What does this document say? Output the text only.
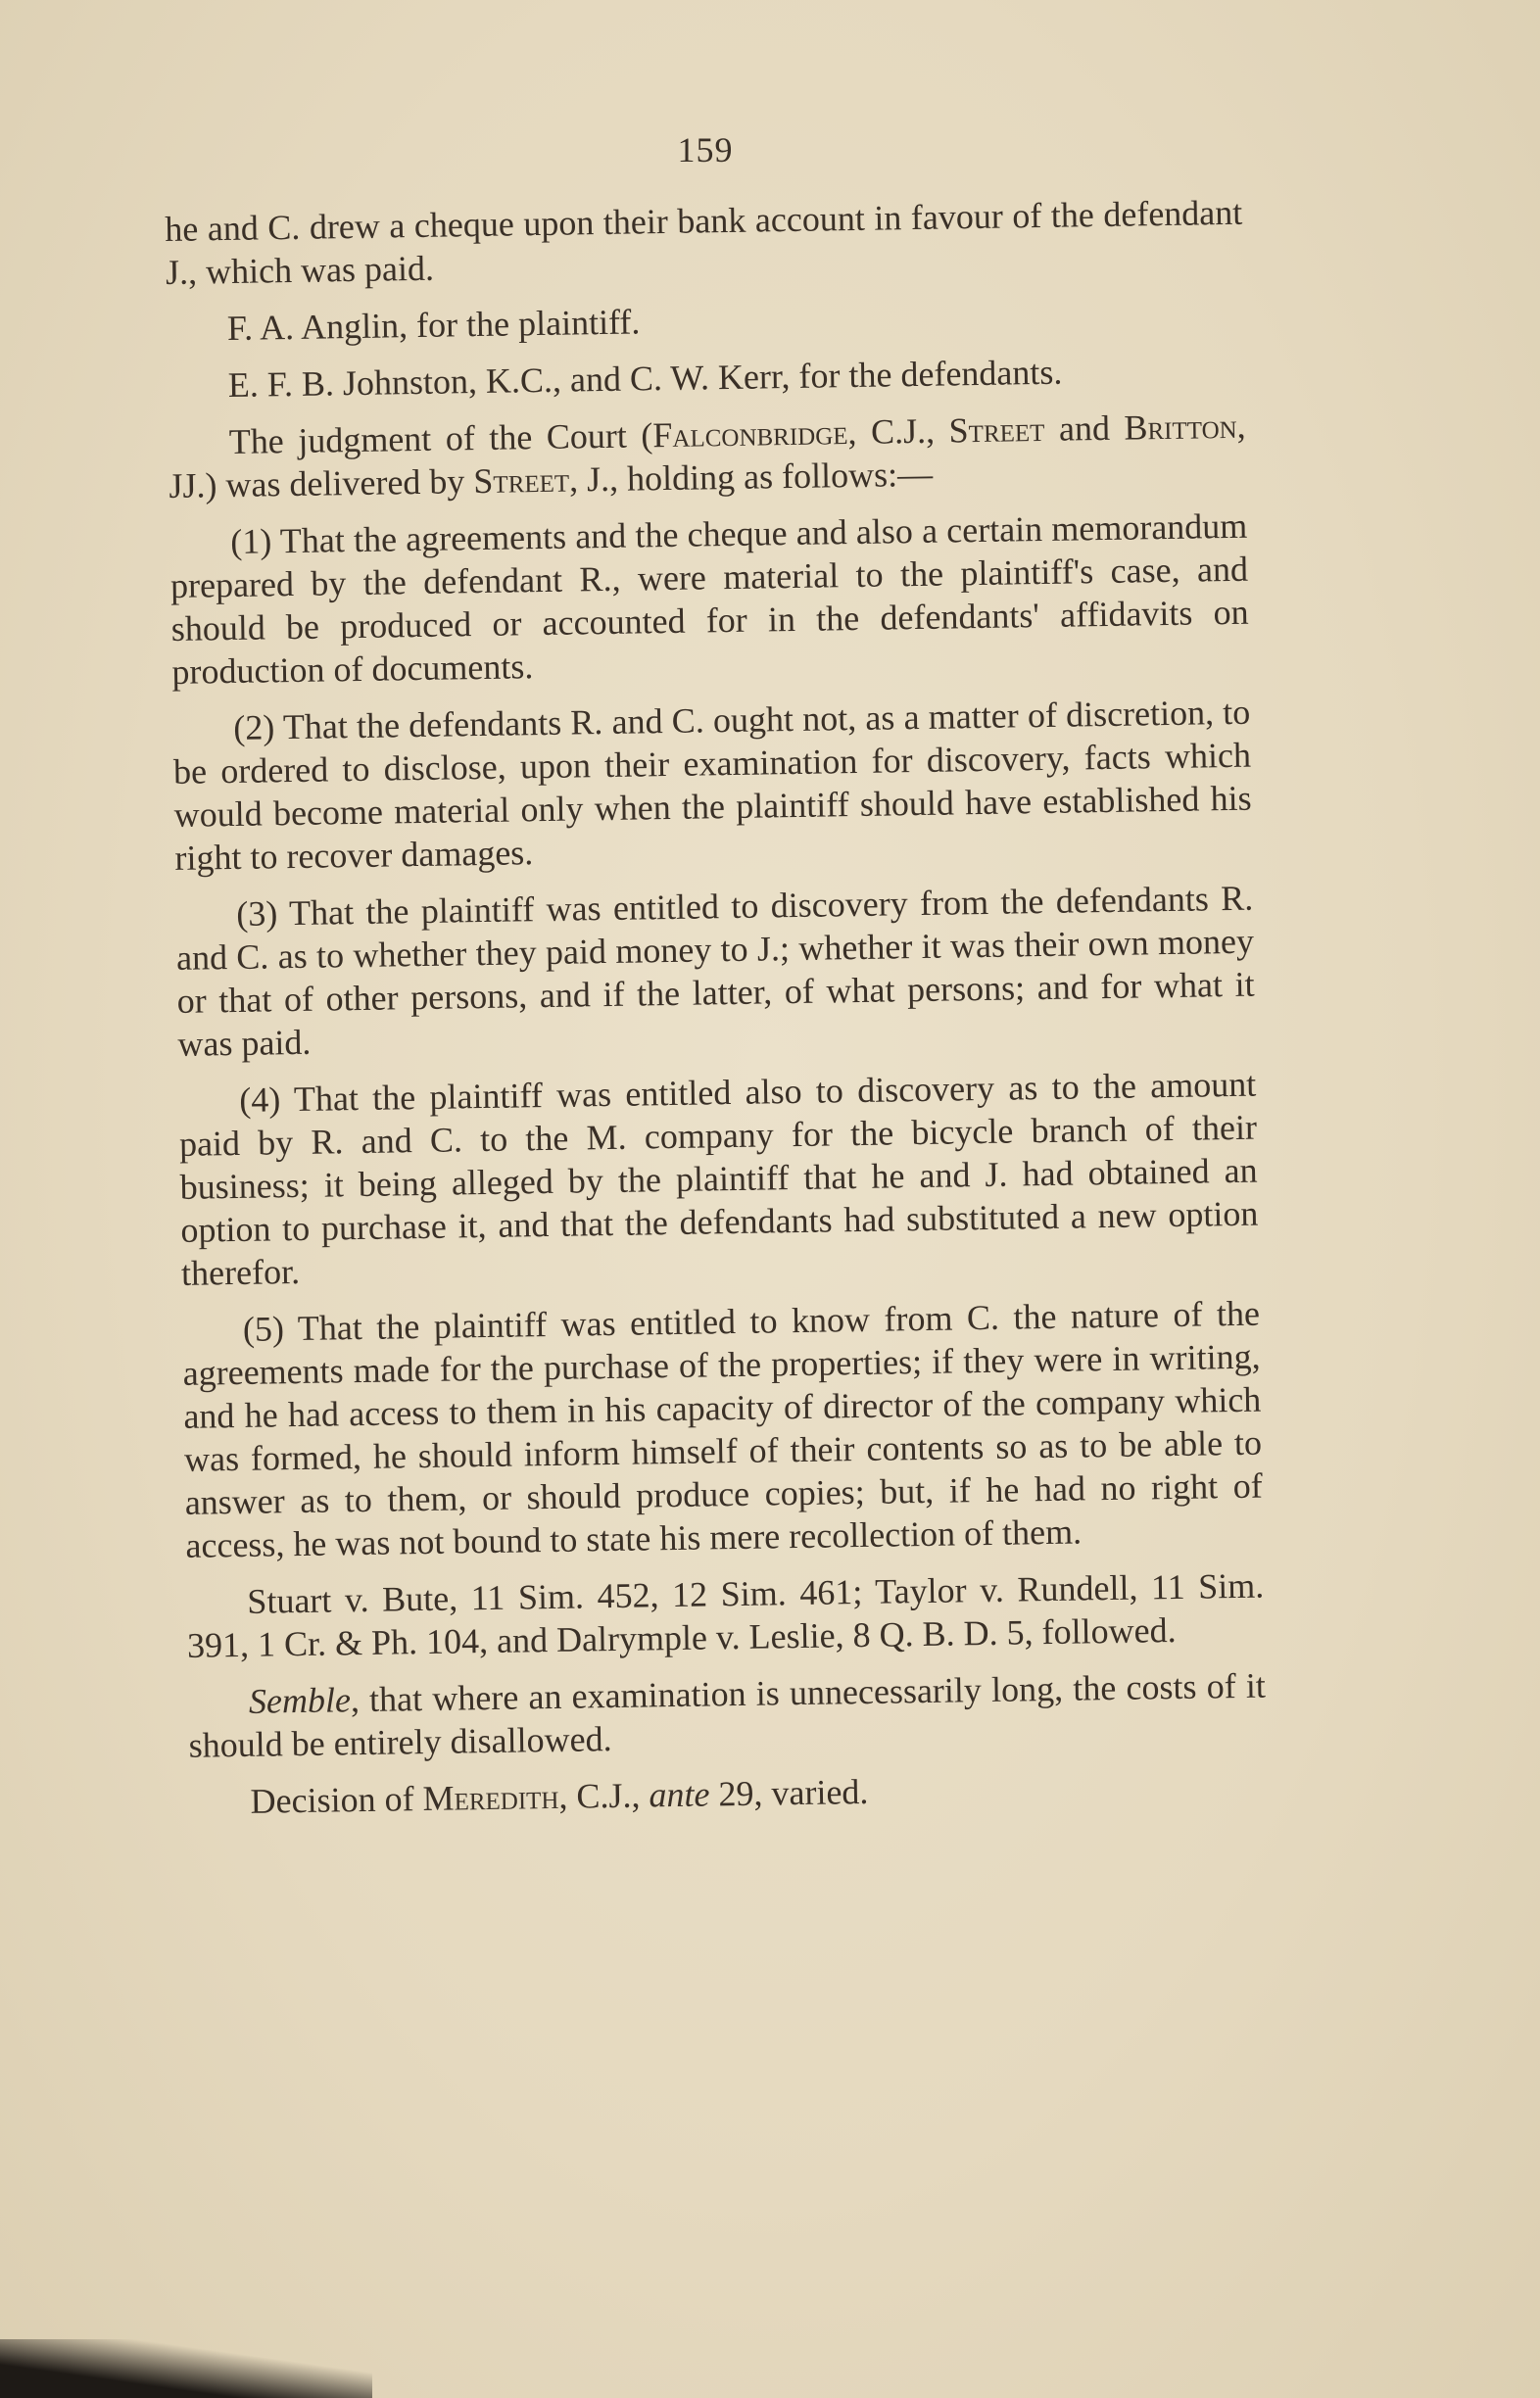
159

he and C. drew a cheque upon their bank account in favour of the defendant J., which was paid.

F. A. Anglin, for the plaintiff.

E. F. B. Johnston, K.C., and C. W. Kerr, for the defendants.

The judgment of the Court (Falconbridge, C.J., Street and Britton, JJ.) was delivered by Street, J., holding as follows:—

(1) That the agreements and the cheque and also a certain memorandum prepared by the defendant R., were material to the plaintiff's case, and should be produced or accounted for in the defendants' affidavits on production of documents.

(2) That the defendants R. and C. ought not, as a matter of discretion, to be ordered to disclose, upon their examination for discovery, facts which would become material only when the plaintiff should have established his right to recover damages.

(3) That the plaintiff was entitled to discovery from the defendants R. and C. as to whether they paid money to J.; whether it was their own money or that of other persons, and if the latter, of what persons; and for what it was paid.

(4) That the plaintiff was entitled also to discovery as to the amount paid by R. and C. to the M. company for the bicycle branch of their business; it being alleged by the plaintiff that he and J. had obtained an option to purchase it, and that the defendants had substituted a new option therefor.

(5) That the plaintiff was entitled to know from C. the nature of the agreements made for the purchase of the properties; if they were in writing, and he had access to them in his capacity of director of the company which was formed, he should inform himself of their contents so as to be able to answer as to them, or should produce copies; but, if he had no right of access, he was not bound to state his mere recollection of them.

Stuart v. Bute, 11 Sim. 452, 12 Sim. 461; Taylor v. Rundell, 11 Sim. 391, 1 Cr. & Ph. 104, and Dalrymple v. Leslie, 8 Q. B. D. 5, followed.

Semble, that where an examination is unnecessarily long, the costs of it should be entirely disallowed.

Decision of Meredith, C.J., ante 29, varied.
